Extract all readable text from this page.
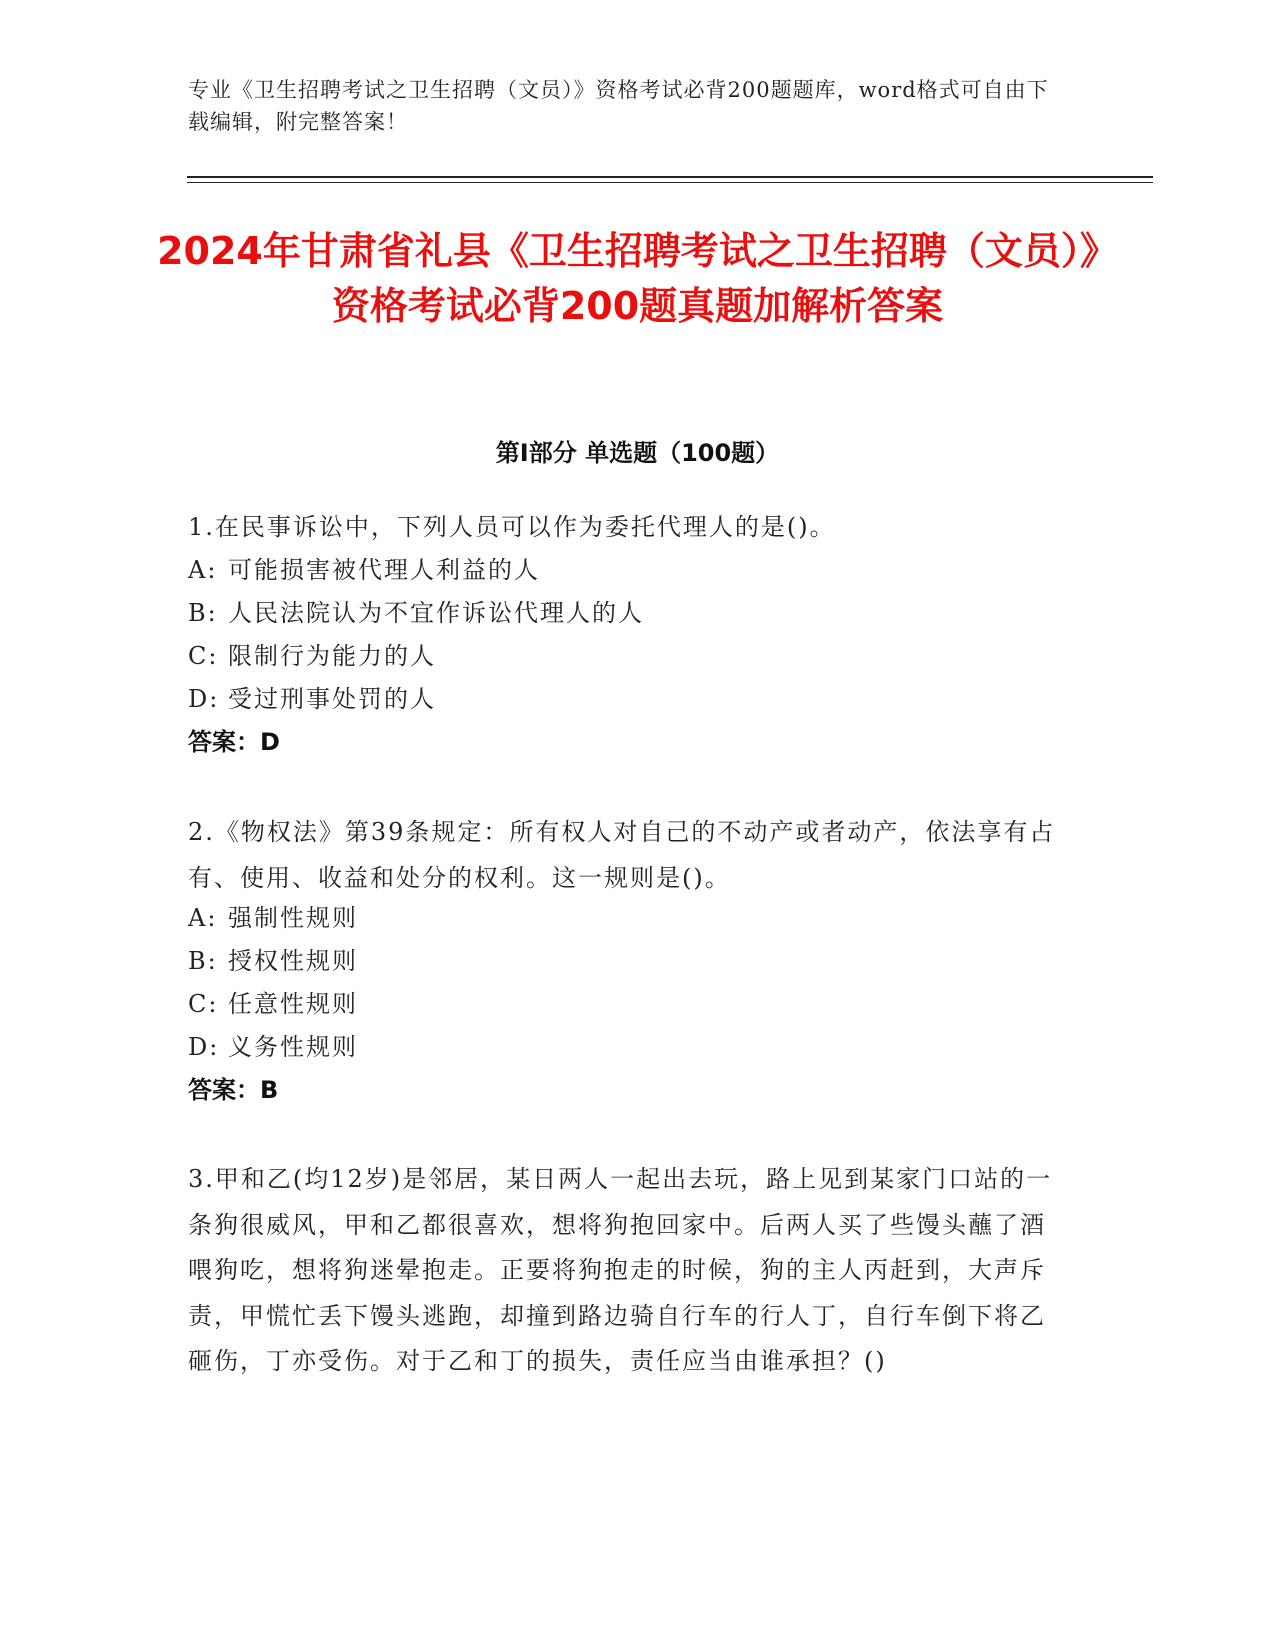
专业《卫生招聘考试之卫生招聘（文员）》资格考试必背200题题库，word格式可自由下载编辑，附完整答案！
2024年甘肃省礼县《卫生招聘考试之卫生招聘（文员）》资格考试必背200题真题加解析答案
第I部分 单选题（100题）

1.在民事诉讼中，下列人员可以作为委托代理人的是()。

A: 可能损害被代理人利益的人
B: 人民法院认为不宜作诉讼代理人的人
C: 限制行为能力的人
D: 受过刑事处罚的人
答案：D

2.《物权法》第39条规定：所有权人对自己的不动产或者动产，依法享有占有、使用、收益和处分的权利。这一规则是()。

A: 强制性规则
B: 授权性规则
C: 任意性规则
D: 义务性规则
答案：B

3.甲和乙(均12岁)是邻居，某日两人一起出去玩，路上见到某家门口站的一条狗很威风，甲和乙都很喜欢，想将狗抱回家中。后两人买了些馒头蘸了酒喂狗吃，想将狗迷晕抱走。正要将狗抱走的时候，狗的主人丙赶到，大声斥责，甲慌忙丢下馒头逃跑，却撞到路边骑自行车的行人丁，自行车倒下将乙砸伤，丁亦受伤。对于乙和丁的损失，责任应当由谁承担？()
